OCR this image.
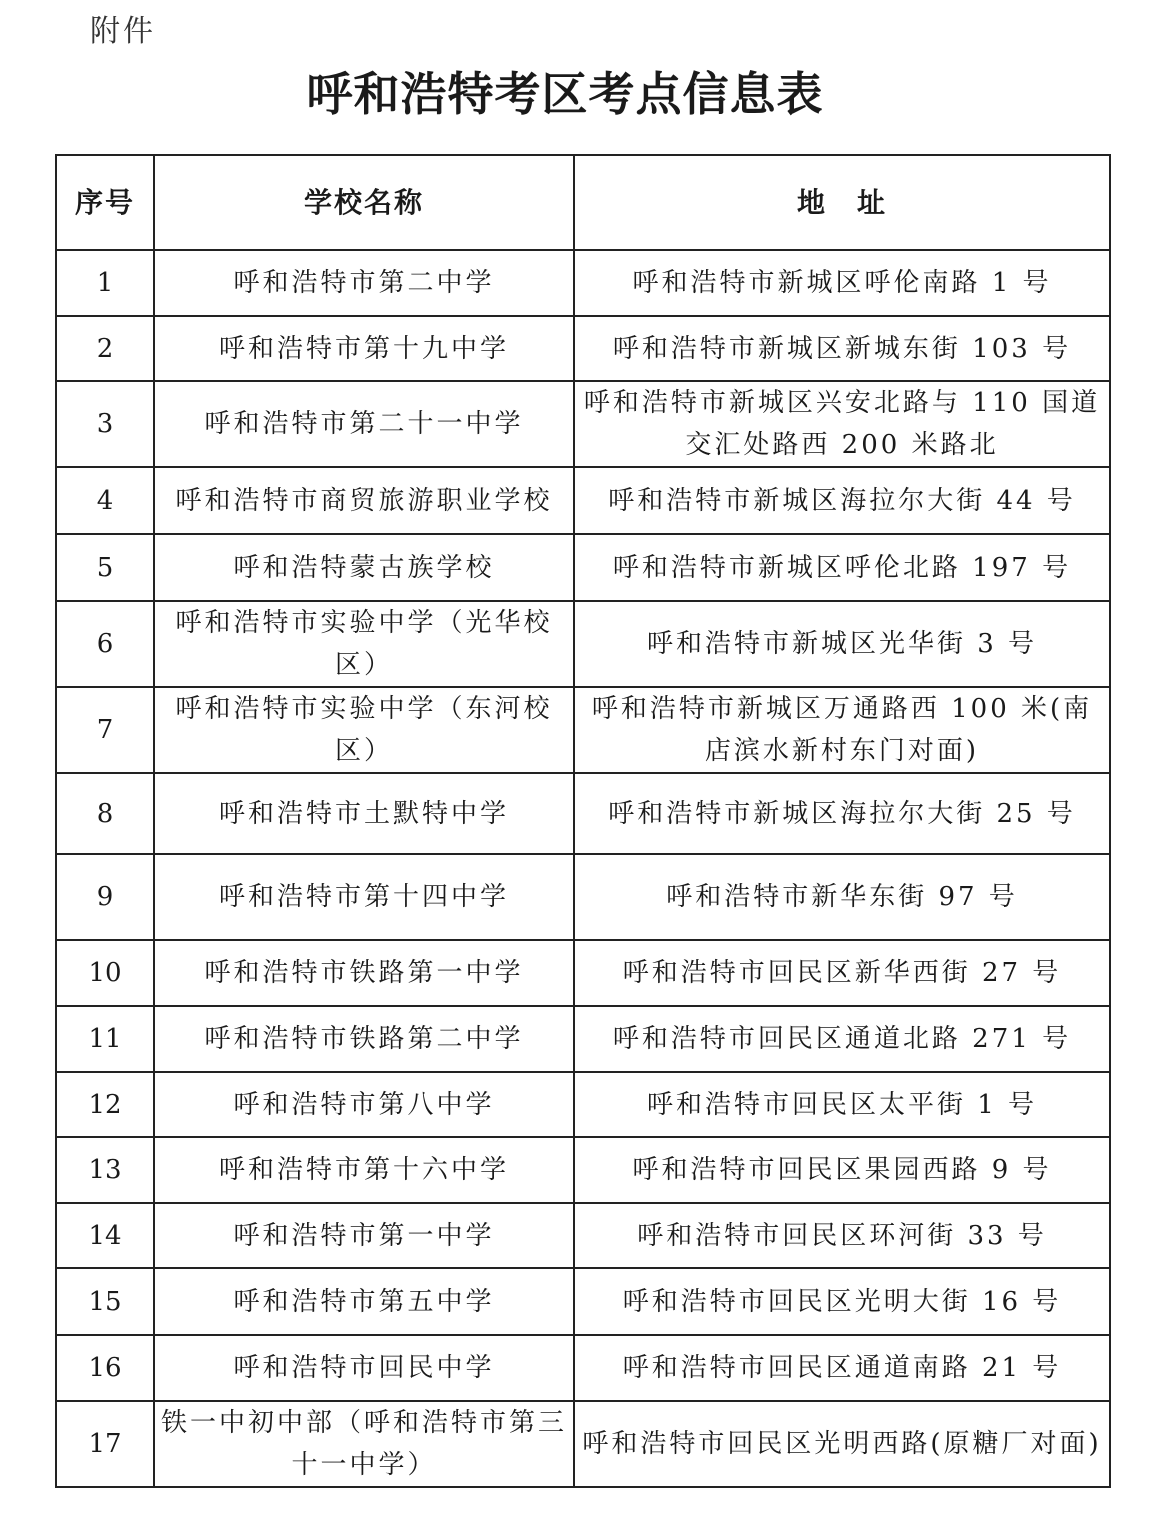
附件
呼和浩特考区考点信息表
序号	学校名称	地　址
1	呼和浩特市第二中学	呼和浩特市新城区呼伦南路 1 号
2	呼和浩特市第十九中学	呼和浩特市新城区新城东街 103 号
3	呼和浩特市第二十一中学	呼和浩特市新城区兴安北路与 110 国道交汇处路西 200 米路北
4	呼和浩特市商贸旅游职业学校	呼和浩特市新城区海拉尔大街 44 号
5	呼和浩特蒙古族学校	呼和浩特市新城区呼伦北路 197 号
6	呼和浩特市实验中学（光华校区）	呼和浩特市新城区光华街 3 号
7	呼和浩特市实验中学（东河校区）	呼和浩特市新城区万通路西 100 米(南店滨水新村东门对面)
8	呼和浩特市土默特中学	呼和浩特市新城区海拉尔大街 25 号
9	呼和浩特市第十四中学	呼和浩特市新华东街 97 号
10	呼和浩特市铁路第一中学	呼和浩特市回民区新华西街 27 号
11	呼和浩特市铁路第二中学	呼和浩特市回民区通道北路 271 号
12	呼和浩特市第八中学	呼和浩特市回民区太平街 1 号
13	呼和浩特市第十六中学	呼和浩特市回民区果园西路 9 号
14	呼和浩特市第一中学	呼和浩特市回民区环河街 33 号
15	呼和浩特市第五中学	呼和浩特市回民区光明大街 16 号
16	呼和浩特市回民中学	呼和浩特市回民区通道南路 21 号
17	铁一中初中部（呼和浩特市第三十一中学）	呼和浩特市回民区光明西路(原糖厂对面)
